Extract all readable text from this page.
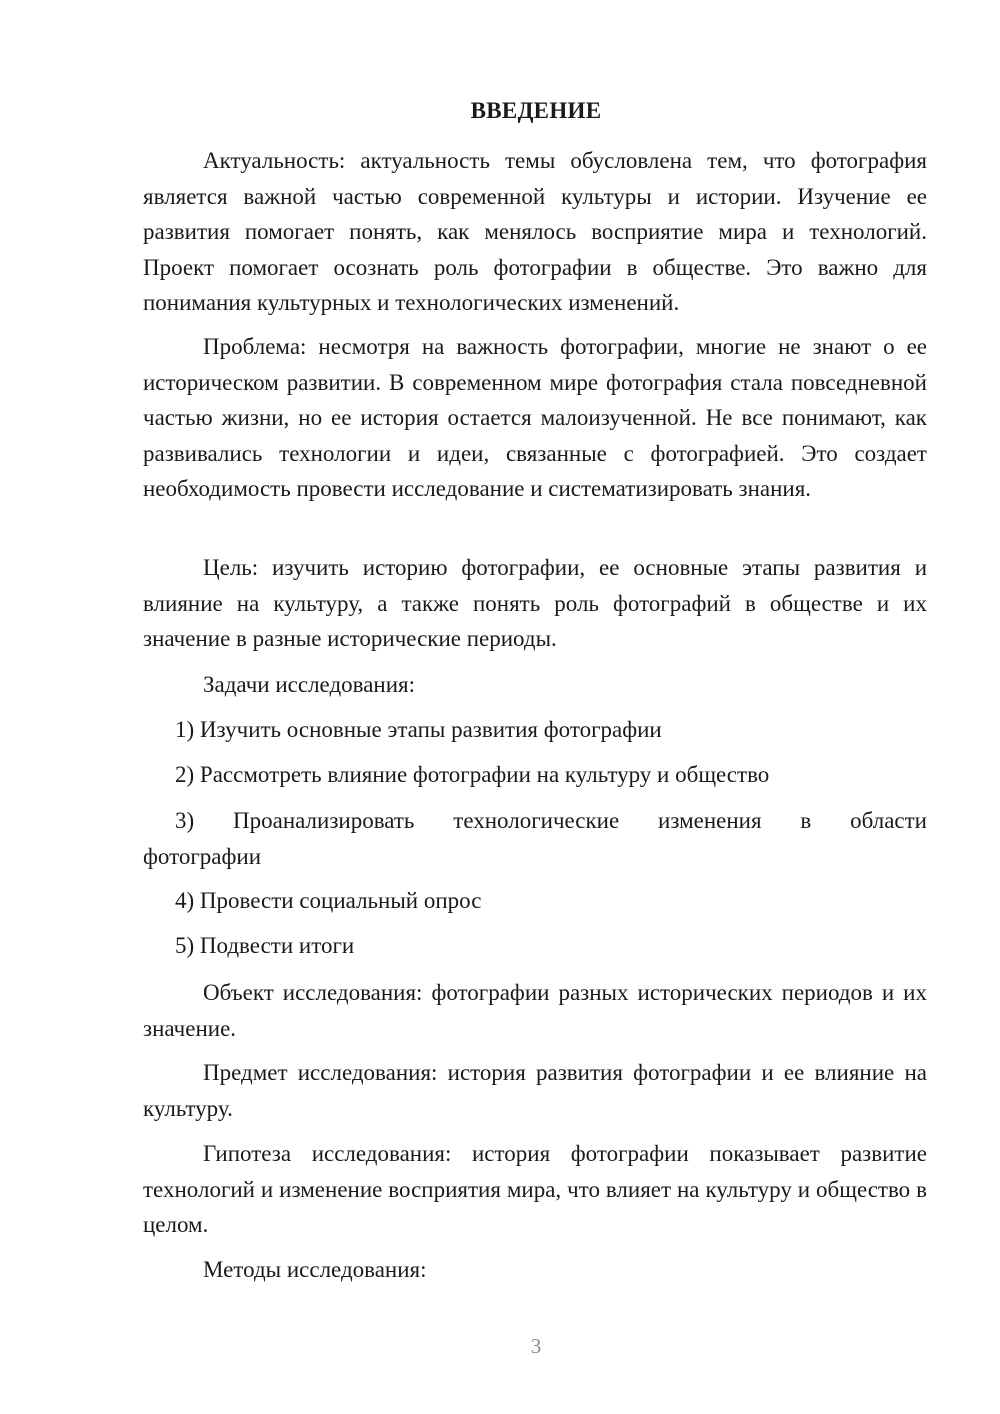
ВВЕДЕНИЕ

Актуальность: актуальность темы обусловлена тем, что фотография является важной частью современной культуры и истории. Изучение ее развития помогает понять, как менялось восприятие мира и технологий. Проект помогает осознать роль фотографии в обществе. Это важно для понимания культурных и технологических изменений.

Проблема: несмотря на важность фотографии, многие не знают о ее историческом развитии. В современном мире фотография стала повседневной частью жизни, но ее история остается малоизученной. Не все понимают, как развивались технологии и идеи, связанные с фотографией. Это создает необходимость провести исследование и систематизировать знания.

Цель: изучить историю фотографии, ее основные этапы развития и влияние на культуру, а также понять роль фотографий в обществе и их значение в разные исторические периоды.

Задачи исследования:

1) Изучить основные этапы развития фотографии

2) Рассмотреть влияние фотографии на культуру и общество

3) Проанализировать технологические изменения в области фотографии

4) Провести социальный опрос

5) Подвести итоги

Объект исследования: фотографии разных исторических периодов и их значение.

Предмет исследования: история развития фотографии и ее влияние на культуру.

Гипотеза исследования: история фотографии показывает развитие технологий и изменение восприятия мира, что влияет на культуру и общество в целом.

Методы исследования:

3
